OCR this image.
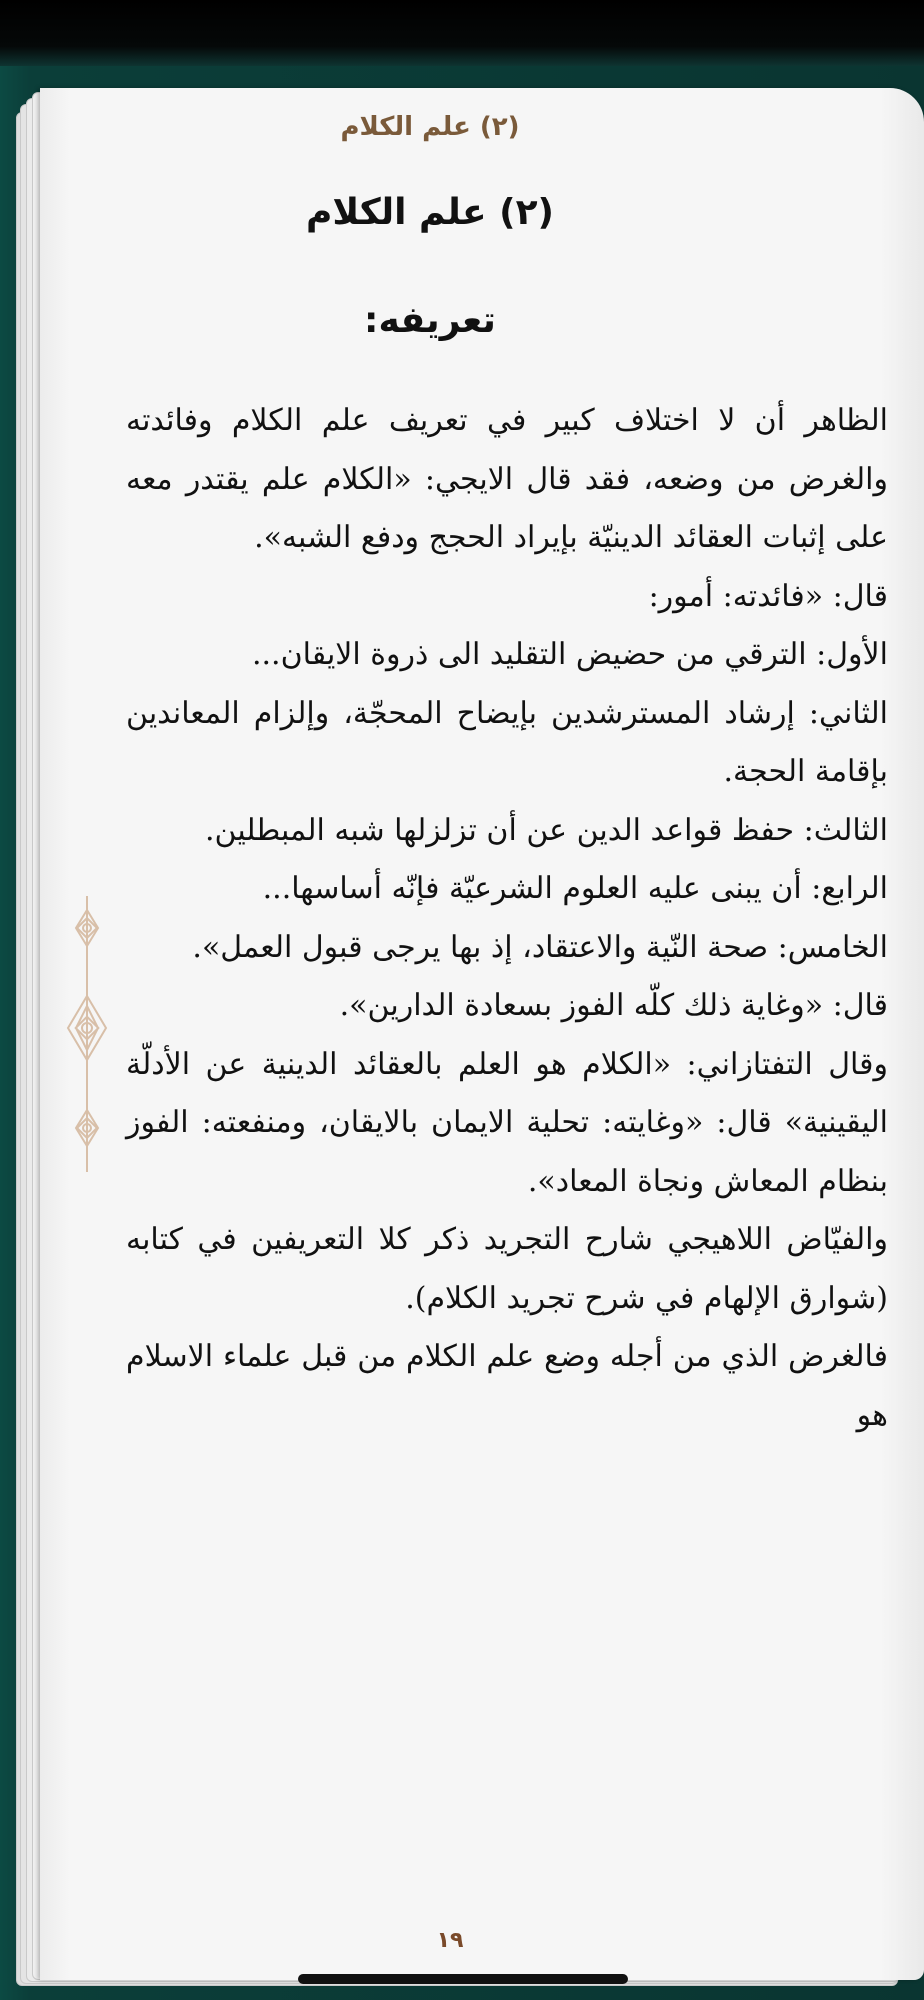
(٢) علم الكلام
(٢) علم الكلام
تعريفه:

الظاهر أن لا اختلاف كبير في تعريف علم الكلام وفائدته والغرض من وضعه، فقد قال الايجي: «الكلام علم يقتدر معه على إثبات العقائد الدينيّة بإيراد الحجج ودفع الشبه».

قال: «فائدته: أمور:

الأول: الترقي من حضيض التقليد الى ذروة الايقان...

الثاني: إرشاد المسترشدين بإيضاح المحجّة، وإلزام المعاندين بإقامة الحجة.

الثالث: حفظ قواعد الدين عن أن تزلزلها شبه المبطلين.

الرابع: أن يبنى عليه العلوم الشرعيّة فإنّه أساسها...

الخامس: صحة النّية والاعتقاد، إذ بها يرجى قبول العمل».

قال: «وغاية ذلك كلّه الفوز بسعادة الدارين».

وقال التفتازاني: «الكلام هو العلم بالعقائد الدينية عن الأدلّة اليقينية» قال: «وغايته: تحلية الايمان بالايقان، ومنفعته: الفوز بنظام المعاش ونجاة المعاد».

والفيّاض اللاهيجي شارح التجريد ذكر كلا التعريفين في كتابه (شوارق الإلهام في شرح تجريد الكلام).

فالغرض الذي من أجله وضع علم الكلام من قبل علماء الاسلام هو

١٩
